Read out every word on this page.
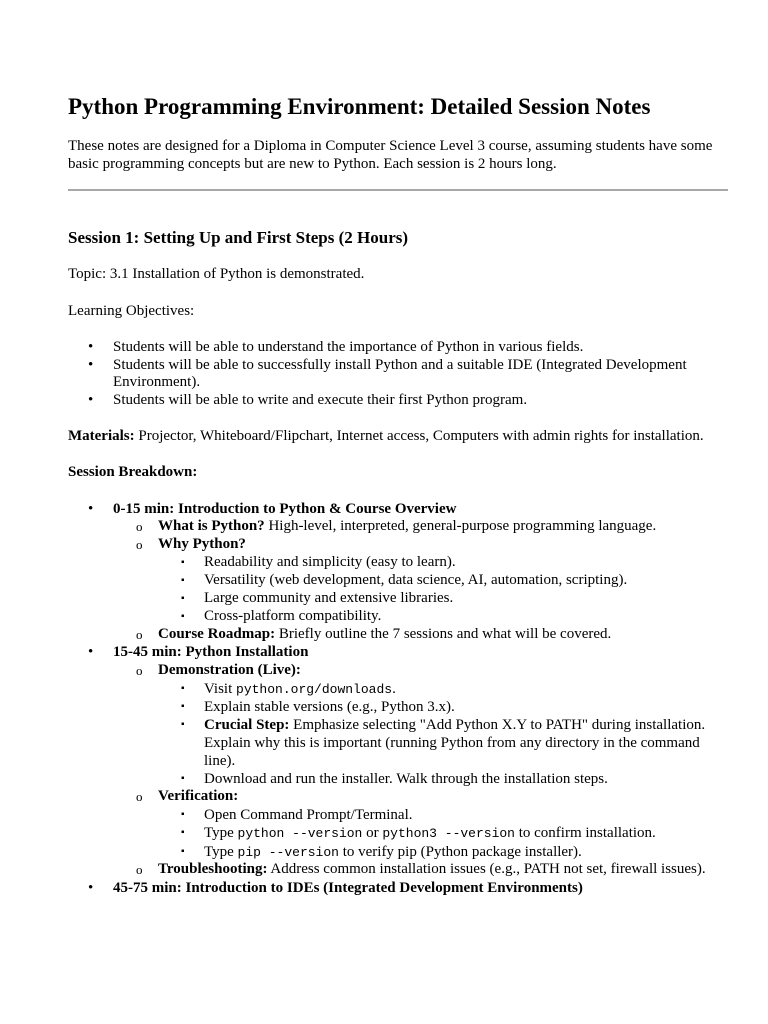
Python Programming Environment: Detailed Session Notes

These notes are designed for a Diploma in Computer Science Level 3 course, assuming students have some basic programming concepts but are new to Python. Each session is 2 hours long.

Session 1: Setting Up and First Steps (2 Hours)

Topic: 3.1 Installation of Python is demonstrated.

Learning Objectives:

• Students will be able to understand the importance of Python in various fields.

• Students will be able to successfully install Python and a suitable IDE (Integrated Development

Environment).

• Students will be able to write and execute their first Python program.

Materials: Projector, Whiteboard/Flipchart, Internet access, Computers with admin rights for installation.

Session Breakdown:

• 0-15 min: Introduction to Python & Course Overview

o What is Python? High-level, interpreted, general-purpose programming language.

o Why Python?

▪ Readability and simplicity (easy to learn).

▪ Versatility (web development, data science, AI, automation, scripting).

▪ Large community and extensive libraries.

▪ Cross-platform compatibility.

o Course Roadmap: Briefly outline the 7 sessions and what will be covered.

• 15-45 min: Python Installation

o Demonstration (Live):

▪ Visit python.org/downloads.

▪ Explain stable versions (e.g., Python 3.x).

▪ Crucial Step: Emphasize selecting "Add Python X.Y to PATH" during installation.

Explain why this is important (running Python from any directory in the command

line).

▪ Download and run the installer. Walk through the installation steps.

o Verification:

▪ Open Command Prompt/Terminal.

▪ Type python --version or python3 --version to confirm installation.

▪ Type pip --version to verify pip (Python package installer).

o Troubleshooting: Address common installation issues (e.g., PATH not set, firewall issues).

• 45-75 min: Introduction to IDEs (Integrated Development Environments)
